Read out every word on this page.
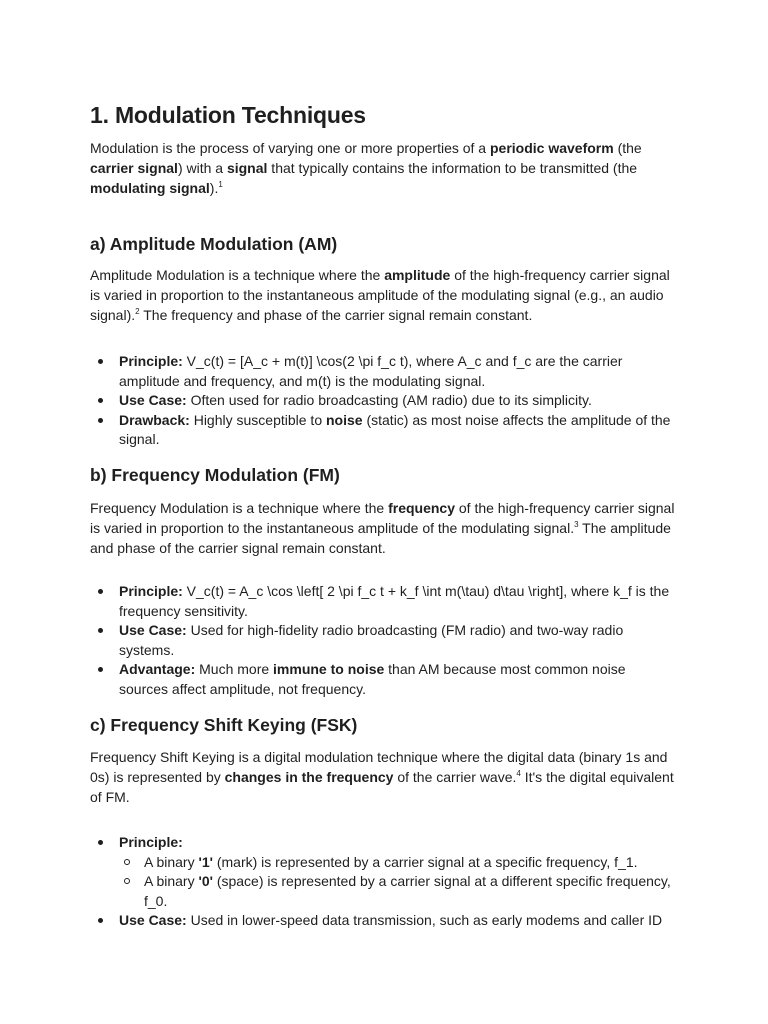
1. Modulation Techniques

Modulation is the process of varying one or more properties of a periodic waveform (the carrier signal) with a signal that typically contains the information to be transmitted (the modulating signal).$^1$

a) Amplitude Modulation (AM)

Amplitude Modulation is a technique where the amplitude of the high-frequency carrier signal is varied in proportion to the instantaneous amplitude of the modulating signal (e.g., an audio signal).$^2$ The frequency and phase of the carrier signal remain constant.

Principle: V_c(t) = [A_c + m(t)] \cos(2 \pi f_c t), where A_c and f_c are the carrier amplitude and frequency, and m(t) is the modulating signal.
Use Case: Often used for radio broadcasting (AM radio) due to its simplicity.
Drawback: Highly susceptible to noise (static) as most noise affects the amplitude of the signal.
b) Frequency Modulation (FM)

Frequency Modulation is a technique where the frequency of the high-frequency carrier signal is varied in proportion to the instantaneous amplitude of the modulating signal.$^3$ The amplitude and phase of the carrier signal remain constant.

Principle: V_c(t) = A_c \cos \left[ 2 \pi f_c t + k_f \int m(\tau) d\tau \right], where k_f is the frequency sensitivity.
Use Case: Used for high-fidelity radio broadcasting (FM radio) and two-way radio systems.
Advantage: Much more immune to noise than AM because most common noise sources affect amplitude, not frequency.
c) Frequency Shift Keying (FSK)

Frequency Shift Keying is a digital modulation technique where the digital data (binary 1s and 0s) is represented by changes in the frequency of the carrier wave.$^4$ It's the digital equivalent of FM.

Principle:
A binary '1' (mark) is represented by a carrier signal at a specific frequency, f_1.
A binary '0' (space) is represented by a carrier signal at a different specific frequency, f_0.
Use Case: Used in lower-speed data transmission, such as early modems and caller ID
